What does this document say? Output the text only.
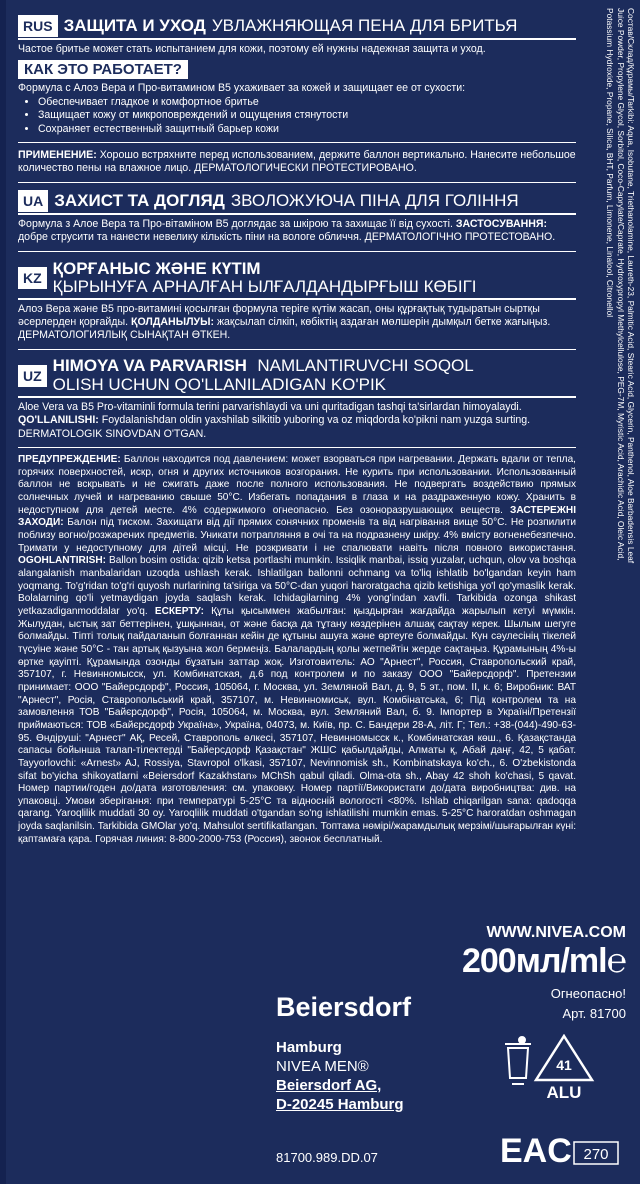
RUS ЗАЩИТА И УХОД УВЛАЖНЯЮЩАЯ ПЕНА ДЛЯ БРИТЬЯ

Частое бритье может стать испытанием для кожи, поэтому ей нужны надежная защита и уход.

КАК ЭТО РАБОТАЕТ?

Формула с Алоэ Вера и Про-витамином В5 ухаживает за кожей и защищает ее от сухости:

• Обеспечивает гладкое и комфортное бритье
• Защищает кожу от микроповреждений и ощущения стянутости
• Сохраняет естественный защитный барьер кожи

ПРИМЕНЕНИЕ: Хорошо встряхните перед использованием, держите баллон вертикально. Нанесите небольшое количество пены на влажное лицо. ДЕРМАТОЛОГИЧЕСКИ ПРОТЕСТИРОВАНО.

UA ЗАХИСТ ТА ДОГЛЯД ЗВОЛОЖУЮЧА ПІНА ДЛЯ ГОЛІННЯ

Формула з Алое Вера та Про-вітаміном В5 доглядає за шкірою та захищає її від сухості. ЗАСТОСУВАННЯ: добре струсити та нанести невелику кількість піни на вологе обличчя. ДЕРМАТОЛОГІЧНО ПРОТЕСТОВАНО.

KZ ҚОРҒАНЫС ЖӘНЕ КҮТІМ
ҚЫРЫНУҒА АРНАЛҒАН ЫЛҒАЛДАНДЫРҒЫШ КӨБІГІ

Алоэ Вера және В5 про-витамині қосылған формула теріге күтім жасап, оны құрғақтық тудыратын сыртқы әсерлерден қорғайды. ҚОЛДАНЫЛУЫ: жақсылап сілкіп, көбіктің аздаған мөлшерін дымқыл бетке жағыңыз. ДЕРМАТОЛОГИЯЛЫҚ СЫНАҚТАН ӨТКЕН.

UZ
HIMOYA VA PARVARISH NAMLANTIRUVCHI SOQOL
OLISH UCHUN QO'LLANILADIGAN KO'PIK

Aloe Vera va B5 Pro-vitaminli formula terini parvarishlaydi va uni quritadigan tashqi ta'sirlardan himoyalaydi. QO'LLANILISHI: Foydalanishdan oldin yaxshilab silkitib yuboring va oz miqdorda ko'pikni nam yuzga surting. DERMATOLOGIK SINOVDAN O'TGAN.

ПРЕДУПРЕЖДЕНИЕ: Баллон находится под давлением: может взорваться при нагревании. Держать вдали от тепла, горячих поверхностей, искр, огня и других источников возгорания. Не курить при использовании. Использованный баллон не вскрывать и не сжигать даже после полного использования. Не подвергать воздействию прямых солнечных лучей и нагреванию свыше 50°С. Избегать попадания в глаза и на раздраженную кожу. Хранить в недоступном для детей месте. 4% содержимого огнеопасно. Без озоноразрушающих веществ. ЗАСТЕРЕЖНІ ЗАХОДИ: Балон під тиском. Захищати від дії прямих сонячних променів та від нагрівання вище 50°С. Не розпилити поблизу вогню/розжарених предметів. Уникати потрапляння в очі та на подразнену шкіру. 4% вмісту вогненебезпечно. Тримати у недоступному для дітей місці. Не розкривати і не спалювати навіть після повного використання. OGOHLANTIRISH: Ballon bosim ostida: qizib ketsa portlashi mumkin. Issiqlik manbai, issiq yuzalar, uchqun, olov va boshqa alangalanish manbalaridan uzoqda ushlash kerak. Ishlatilgan ballonni ochmang va to'liq ishlatib bo'lgandan keyin ham yoqmang. To'g'ridan to'g'ri quyosh nurlarining ta'siriga va 50°C-dan yuqori haroratgacha qizib ketishiga yo'l qo'ymaslik kerak. Bolalarning qo'li yetmaydigan joyda saqlash kerak. Ichidagilarning 4% yong'indan xavfli. Tarkibida ozonga shikast yetkazadiganmoddalar yo'q. ЕСКЕРТУ: Құты қысыммен жабылған: қыздырған жағдайда жарылып кетуі мүмкін. Жылудан, ыстық зат беттерінен, ұшқыннан, от және басқа да тұтану көздерінен алшақ сақтау керек. Шылым шегуге болмайды. Тіпті толық пайдаланып болғаннан кейін де құтыны ашуға және өртеуге болмайды. Күн сәулесінің тікелей түсуіне және 50°С - тан артық қызуына жол бермеңіз. Балалардың қолы жетпейтін жерде сақтаңыз. Құрамының 4%-ы өртке қауіпті. Құрамында озонды бұзатын заттар жоқ. Изготовитель: АО "Арнест", Россия, Ставропольский край, 357107, г. Невинномысск, ул. Комбинатская, д.6 под контролем и по заказу ООО "Байерсдорф". Претензии принимает: ООО "Байерсдорф", Россия, 105064, г. Москва, ул. Земляной Вал, д. 9, 5 эт., пом. II, к. 6; Виробник: ВАТ "Арнест", Росія, Ставропольський край, 357107, м. Невинномиськ, вул. Комбінатська, 6; Під контролем та на замовлення ТОВ "Байєрсдорф", Росія, 105064, м. Москва, вул. Земляний Вал, б. 9. Імпортер в Україні/Претензії приймаються: ТОВ «Байєрсдорф Україна», Україна, 04073, м. Київ, пр. С. Бандери 28-А, літ. Г; Тел.: +38-(044)-490-63-95. Өндіруші: "Арнест" АҚ, Ресей, Ставрополь өлкесі, 357107, Невинномысск к., Комбинатская көш., 6. Қазақстанда сапасы бойынша талап-тілектерді "Байерсдорф Қазақстан" ЖШС қабылдайды, Алматы қ, Абай даңғ, 42, 5 қабат. Tayyorlovchi: «Arnest» AJ, Rossiya, Stavropol o'lkasi, 357107, Nevinnomisk sh., Kombinatskaya ko'ch., 6. O'zbekistonda sifat bo'yicha shikoyatlarni «Beiersdorf Kazakhstan» MChSh qabul qiladi. Olma-ota sh., Abay 42 shoh ko'chasi, 5 qavat. Номер партии/годен до/дата изготовления: см. упаковку. Номер партії/Використати до/дата виробництва: див. на упаковці. Умови зберігання: при температурі 5-25°С та відносній вологості <80%. Ishlab chiqarilgan sana: qadoqqa qarang. Yaroqlilik muddati 30 oy. Yaroqlilik muddati o'tgandan so'ng ishlatilishi mumkin emas. 5-25°C haroratdan oshmagan joyda saqlanilsin. Tarkibida GMOlar yo'q. Mahsulot sertifikatlangan. Топтама нөмірі/жарамдылық мерзімі/шығарылған күні: қаптамаға қара. Горячая линия: 8-800-2000-753 (Россия), звонок бесплатный.

Состав/Склад/Құрамы/Tarkibi: Aqua, Isobutane, Triethanolamine, Laureth-23, Palmitic Acid, Stearic Acid, Glycerin, Panthenol, Aloe Barbadensis Leaf Juice Powder, Propylene Glycol, Sorbitol, Coco-Caprylate/Caprate, Hydroxypropyl Methylcellulose, PEG-7M, Myristic Acid, Arachidic Acid, Oleic Acid, Potassium Hydroxide, Propane, Silica, BHT, Parfum, Limonene, Linalool, Citronellol
WWW.NIVEA.COM
200мл/ml℮
Огнеопасно!
Арт. 81700
Beiersdorf
Hamburg
NIVEA MEN®
Beiersdorf AG,
D-20245 Hamburg
81700.989.DD.07
41
ALU
EAC 270
